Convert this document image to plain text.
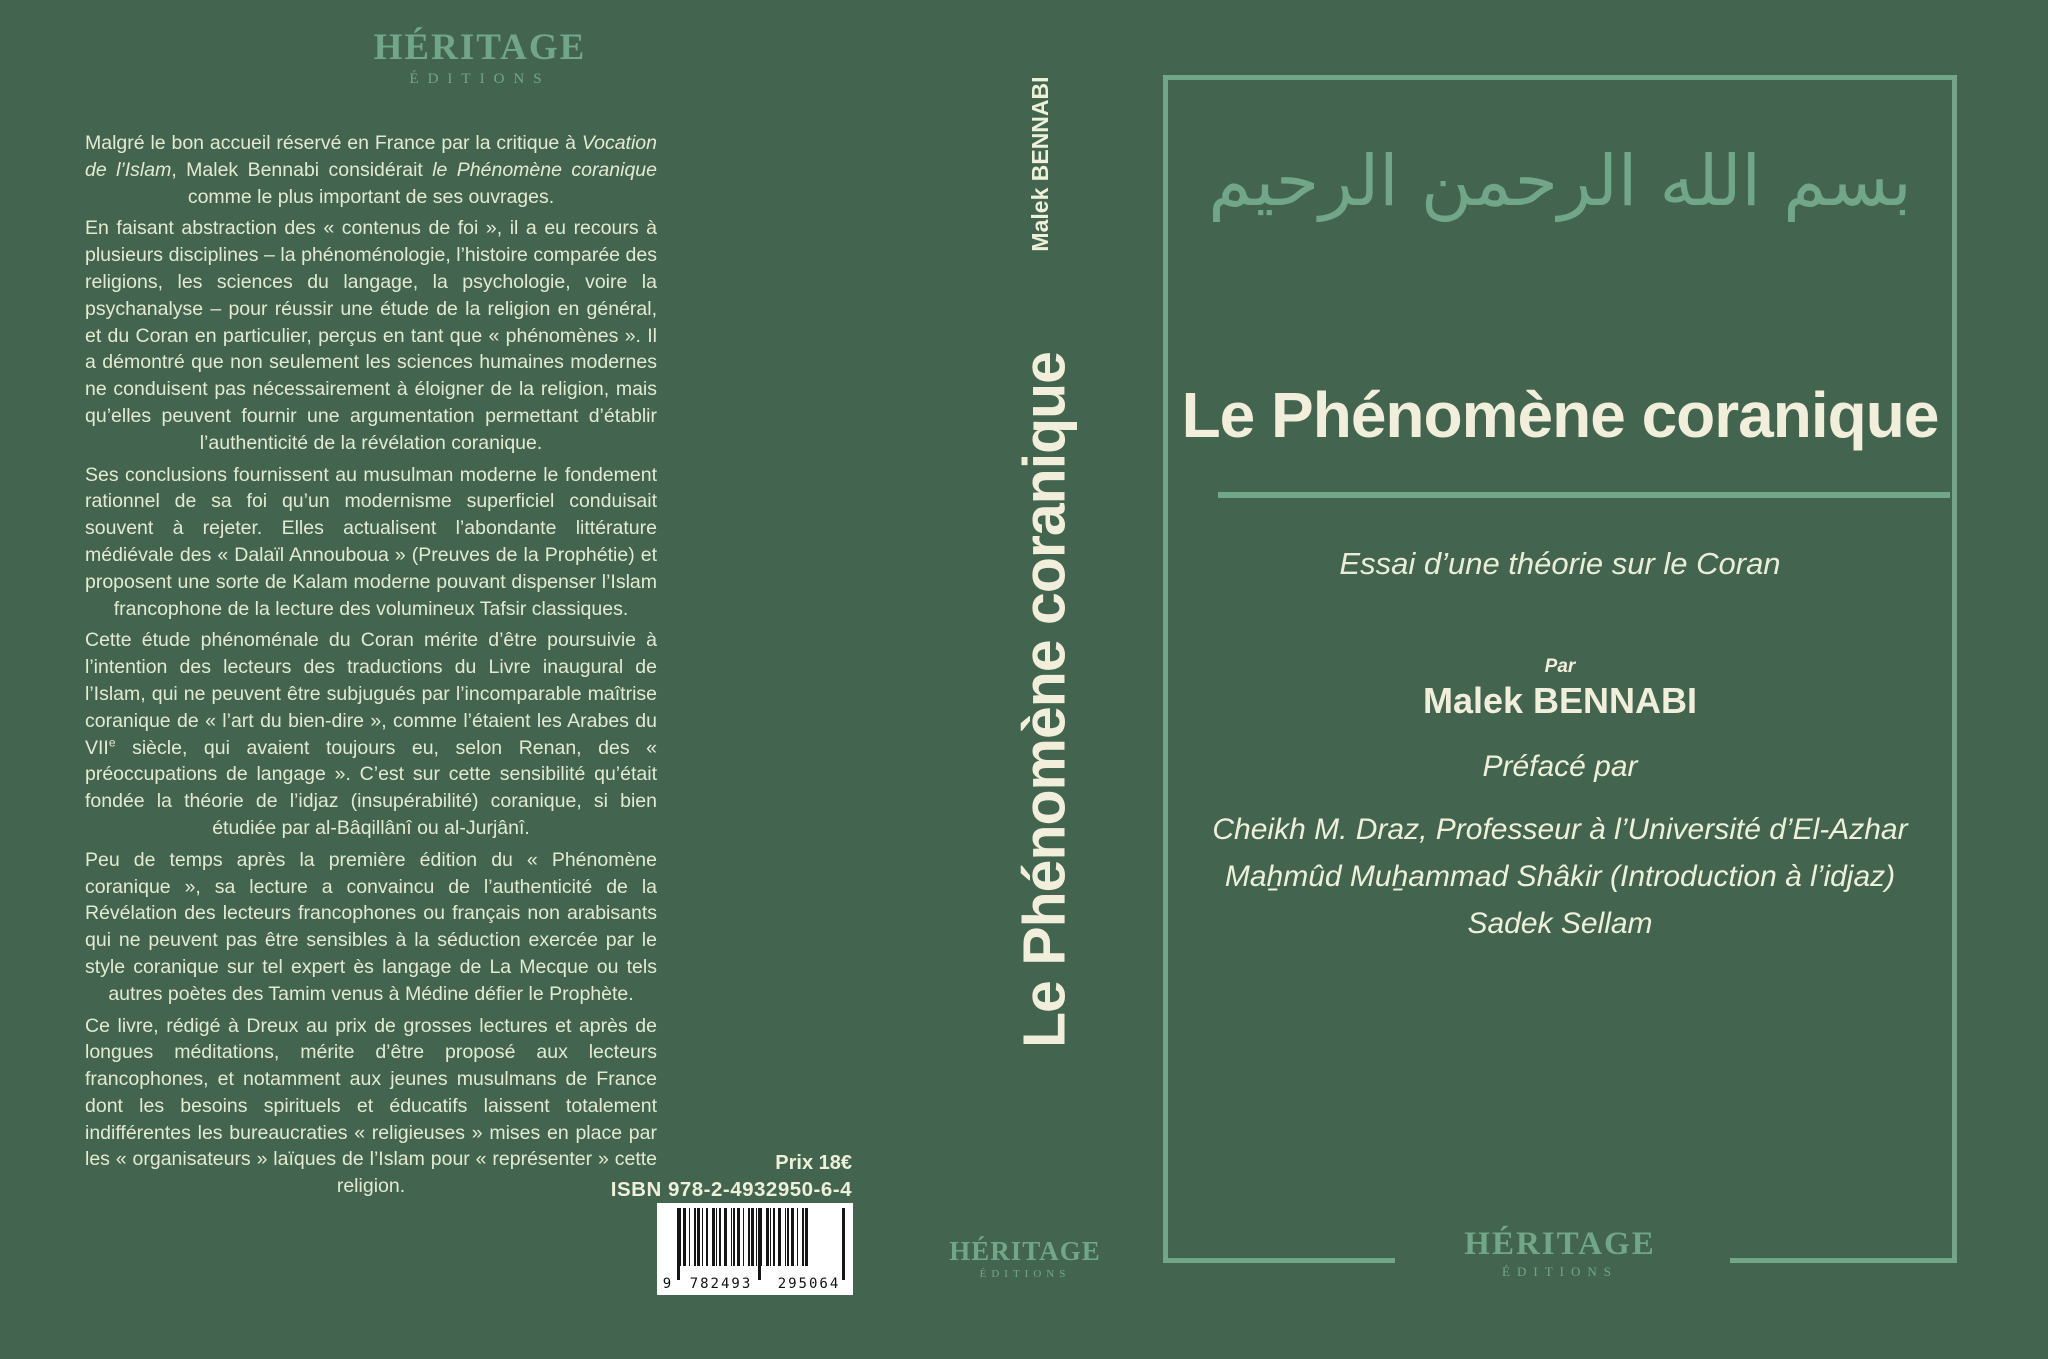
HÉRITAGE
ÉDITIONS

Malgré le bon accueil réservé en France par la critique à Vocation de l’Islam, Malek Bennabi considérait le Phénomène coranique comme le plus important de ses ouvrages.

En faisant abstraction des « contenus de foi », il a eu recours à plusieurs disciplines – la phénoménologie, l’histoire comparée des religions, les sciences du langage, la psychologie, voire la psychanalyse – pour réussir une étude de la religion en général, et du Coran en particulier, perçus en tant que « phénomènes ». Il a démontré que non seulement les sciences humaines modernes ne conduisent pas nécessairement à éloigner de la religion, mais qu’elles peuvent fournir une argumentation permettant d’établir l’authenticité de la révélation coranique.

Ses conclusions fournissent au musulman moderne le fondement rationnel de sa foi qu’un modernisme superficiel conduisait souvent à rejeter. Elles actualisent l’abondante littérature médiévale des « Dalaïl Annouboua » (Preuves de la Prophétie) et proposent une sorte de Kalam moderne pouvant dispenser l’Islam francophone de la lecture des volumineux Tafsir classiques.

Cette étude phénoménale du Coran mérite d’être poursuivie à l’intention des lecteurs des traductions du Livre inaugural de l’Islam, qui ne peuvent être subjugués par l’incomparable maîtrise coranique de « l’art du bien-dire », comme l’étaient les Arabes du VIIe siècle, qui avaient toujours eu, selon Renan, des « préoccupations de langage ». C’est sur cette sensibilité qu’était fondée la théorie de l’idjaz (insupérabilité) coranique, si bien étudiée par al-Bâqillânî ou al-Jurjânî.

Peu de temps après la première édition du « Phénomène coranique », sa lecture a convaincu de l’authenticité de la Révélation des lecteurs francophones ou français non arabisants qui ne peuvent pas être sensibles à la séduction exercée par le style coranique sur tel expert ès langage de La Mecque ou tels autres poètes des Tamim venus à Médine défier le Prophète.

Ce livre, rédigé à Dreux au prix de grosses lectures et après de longues méditations, mérite d’être proposé aux lecteurs francophones, et notamment aux jeunes musulmans de France dont les besoins spirituels et éducatifs laissent totalement indifférentes les bureaucraties « religieuses » mises en place par les « organisateurs » laïques de l’Islam pour « représenter » cette religion.

Prix 18€
ISBN 978-2-4932950-6-4
9	782493	295064
Malek BENNABI
Le Phénomène coranique
HÉRITAGE
ÉDITIONS
بسم الله الرحمن الرحيم
Le Phénomène coranique
Essai d’une théorie sur le Coran
Par
Malek BENNABI
Préfacé par
Cheikh M. Draz, Professeur à l’Université d’El-Azhar
Maẖmûd Muẖammad Shâkir (Introduction à l’idjaz)
Sadek Sellam
HÉRITAGE
ÉDITIONS
